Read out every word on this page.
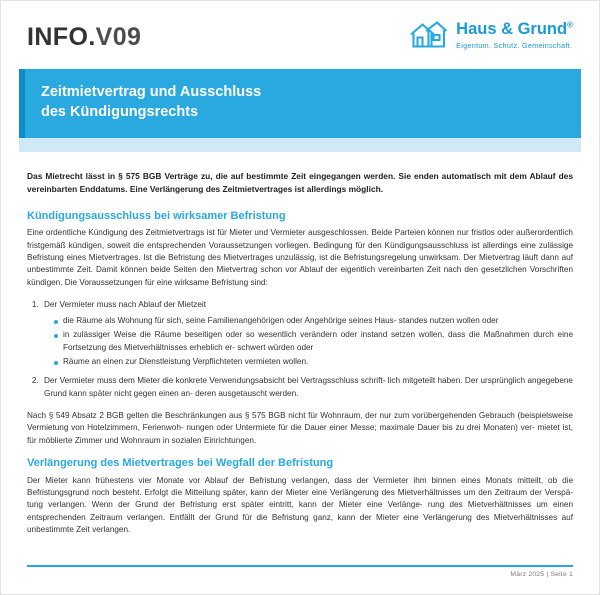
INFO.V09	Haus & Grund®
Eigentum. Schutz. Gemeinschaft.
Zeitmietvertrag und Ausschluss
des Kündigungsrechts

Das Mietrecht lässt in § 575 BGB Verträge zu, die auf bestimmte Zeit eingegangen werden. Sie enden automatisch mit dem Ablauf des vereinbarten Enddatums. Eine Verlängerung des Zeitmietvertrages ist allerdings möglich.

Kündigungsausschluss bei wirksamer Befristung

Eine ordentliche Kündigung des Zeitmietvertrags ist für Mieter und Vermieter ausgeschlossen. Beide Parteien können nur fristlos oder außerordentlich fristgemäß kündigen, soweit die entsprechenden Voraussetzungen vorliegen. Bedingung für den Kündigungsausschluss ist allerdings eine zulässige Befristung eines Mietvertrages. Ist die Befristung des Mietvertrages unzulässig, ist die Befristungsregelung unwirksam. Der Mietvertrag läuft dann auf unbestimmte Zeit. Damit können beide Seiten den Mietvertrag schon vor Ablauf der eigentlich vereinbarten Zeit nach den gesetzlichen Vorschriften kündigen. Die Voraussetzungen für eine wirksame Befristung sind:

1. Der Vermieter muss nach Ablauf der Mietzeit
die Räume als Wohnung für sich, seine Familienangehörigen oder Angehörige seines Haus- standes nutzen wollen oder
in zulässiger Weise die Räume beseitigen oder so wesentlich verändern oder instand setzen wollen, dass die Maßnahmen durch eine Fortsetzung des Mietverhältnisses erheblich er- schwert würden oder
Räume an einen zur Dienstleistung Verpflichteten vermieten wollen.
2. Der Vermieter muss dem Mieter die konkrete Verwendungsabsicht bei Vertragsschluss schrift- lich mitgeteilt haben. Der ursprünglich angegebene Grund kann später nicht gegen einen an- deren ausgetauscht werden.

Nach § 549 Absatz 2 BGB gelten die Beschränkungen aus § 575 BGB nicht für Wohnraum, der nur zum vorübergehenden Gebrauch (beispielsweise Vermietung von Hotelzimmern, Ferienwoh- nungen oder Untermiete für die Dauer einer Messe; maximale Dauer bis zu drei Monaten) ver- mietet ist, für möblierte Zimmer und Wohnraum in sozialen Einrichtungen.

Verlängerung des Mietvertrages bei Wegfall der Befristung

Der Mieter kann frühestens vier Monate vor Ablauf der Befristung verlangen, dass der Vermieter ihm binnen eines Monats mitteilt, ob die Befristungsgrund noch besteht. Erfolgt die Mitteilung später, kann der Mieter eine Verlängerung des Mietverhältnisses um den Zeitraum der Verspä- tung verlangen. Wenn der Grund der Befristung erst später eintritt, kann der Mieter eine Verlänge- rung des Mietverhältnisses um einen entsprechenden Zeitraum verlangen. Entfällt der Grund für die Befristung ganz, kann der Mieter eine Verlängerung des Mietverhältnisses auf unbestimmte Zeit verlangen.

März 2025 | Seite 1
